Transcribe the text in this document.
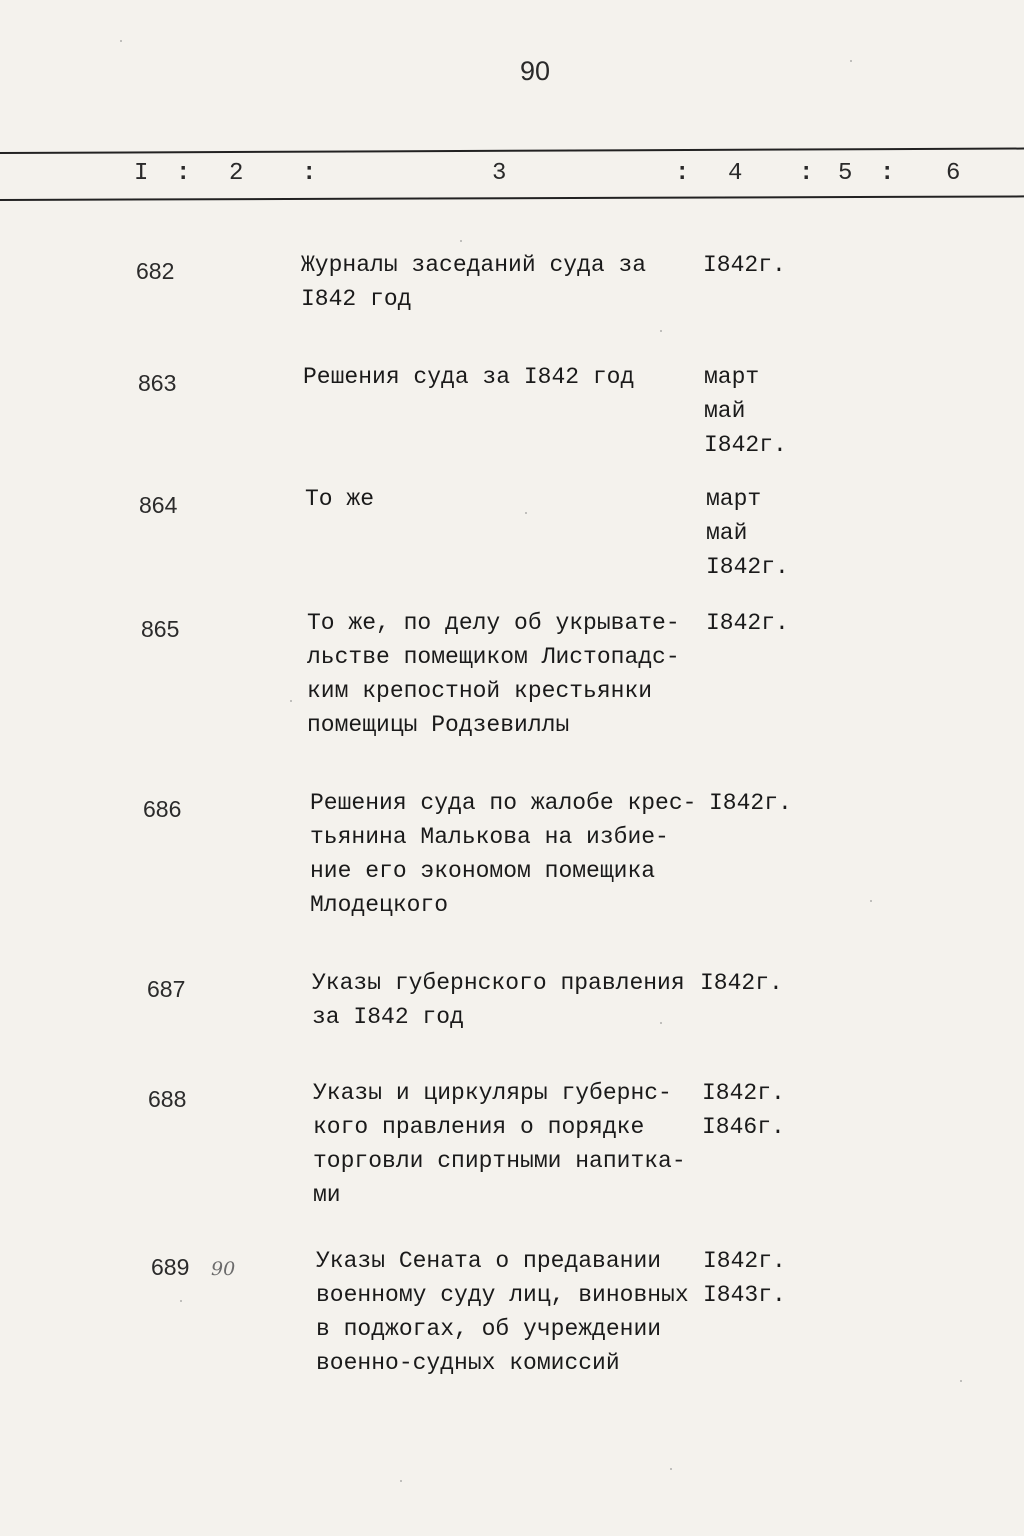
90
I : 2 :	3	: 4 : 5 : 6
682	Журналы заседаний суда за
I842 год
I842г.
863	Решения суда за I842 год	март
май
I842г.
864	То же	март
май
I842г.
865	То же, по делу об укрывате-
льстве помещиком Листопадс-
ким крепостной крестьянки
помещицы Родзевиллы
I842г.
686	Решения суда по жалобе крес-
тьянина Малькова на избие-
ние его экономом помещика
Млодецкого
I842г.
687	Указы губернского правления
за I842 год
I842г.
688	Указы и циркуляры губернс-
кого правления о порядке
торговли спиртными напитка-
ми
I842г.
I846г.
689 90	Указы Сената о предавании
военному суду лиц, виновных
в поджогах, об учреждении
военно-судных комиссий
I842г.
I843г.
